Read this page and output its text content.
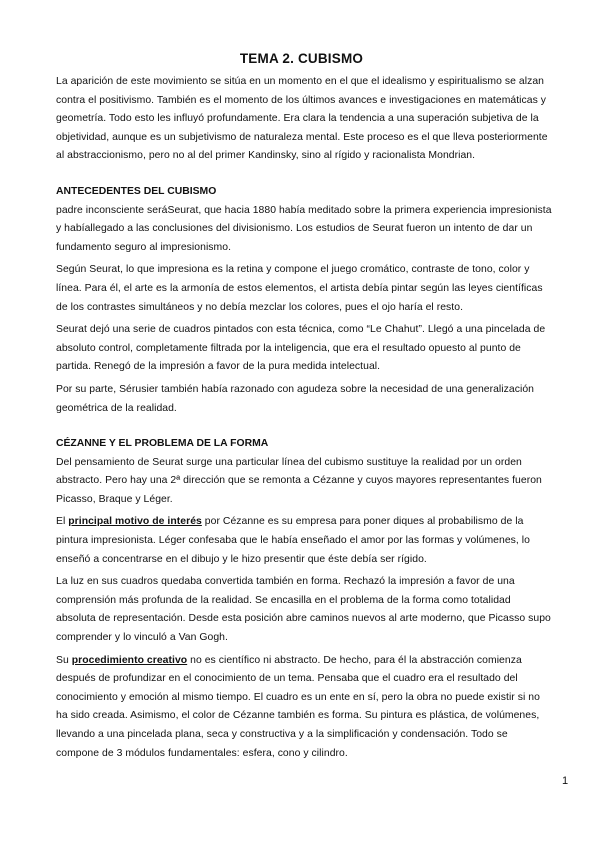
TEMA 2. CUBISMO

La aparición de este movimiento se sitúa en un momento en el que el idealismo y espiritualismo se alzan contra el positivismo. También es el momento de los últimos avances e investigaciones en matemáticas y geometría. Todo esto les influyó profundamente. Era clara la tendencia a una superación subjetiva de la objetividad, aunque es un subjetivismo de naturaleza mental. Este proceso es el que lleva posteriormente al abstraccionismo, pero no al del primer Kandinsky, sino al rígido y racionalista Mondrian.

ANTECEDENTES DEL CUBISMO

padre inconsciente seráSeurat, que hacia 1880 había meditado sobre la primera experiencia impresionista y habíallegado a las conclusiones del divisionismo. Los estudios de Seurat fueron un intento de dar un fundamento seguro al impresionismo.

Según Seurat, lo que impresiona es la retina y compone el juego cromático, contraste de tono, color y línea. Para él, el arte es la armonía de estos elementos, el artista debía pintar según las leyes científicas de los contrastes simultáneos y no debía mezclar los colores, pues el ojo haría el resto.

Seurat dejó una serie de cuadros pintados con esta técnica, como “Le Chahut”. Llegó a una pincelada de absoluto control, completamente filtrada por la inteligencia, que era el resultado opuesto al punto de partida. Renegó de la impresión a favor de la pura medida intelectual.

Por su parte, Sérusier también había razonado con agudeza sobre la necesidad de una generalización geométrica de la realidad.

CÉZANNE Y EL PROBLEMA DE LA FORMA

Del pensamiento de Seurat surge una particular línea del cubismo sustituye la realidad por un orden abstracto. Pero hay una 2ª dirección que se remonta a Cézanne y cuyos mayores representantes fueron Picasso, Braque y Léger.

El principal motivo de interés por Cézanne es su empresa para poner diques al probabilismo de la pintura impresionista. Léger confesaba que le había enseñado el amor por las formas y volúmenes, lo enseñó a concentrarse en el dibujo y le hizo presentir que éste debía ser rígido.

La luz en sus cuadros quedaba convertida también en forma. Rechazó la impresión a favor de una comprensión más profunda de la realidad. Se encasilla en el problema de la forma como totalidad absoluta de representación. Desde esta posición abre caminos nuevos al arte moderno, que Picasso supo comprender y lo vinculó a Van Gogh.

Su procedimiento creativo no es científico ni abstracto. De hecho, para él la abstracción comienza después de profundizar en el conocimiento de un tema. Pensaba que el cuadro era el resultado del conocimiento y emoción al mismo tiempo. El cuadro es un ente en sí, pero la obra no puede existir si no ha sido creada. Asimismo, el color de Cézanne también es forma. Su pintura es plástica, de volúmenes, llevando a una pincelada plana, seca y constructiva y a la simplificación y condensación. Todo se compone de 3 módulos fundamentales: esfera, cono y cilindro.

1
